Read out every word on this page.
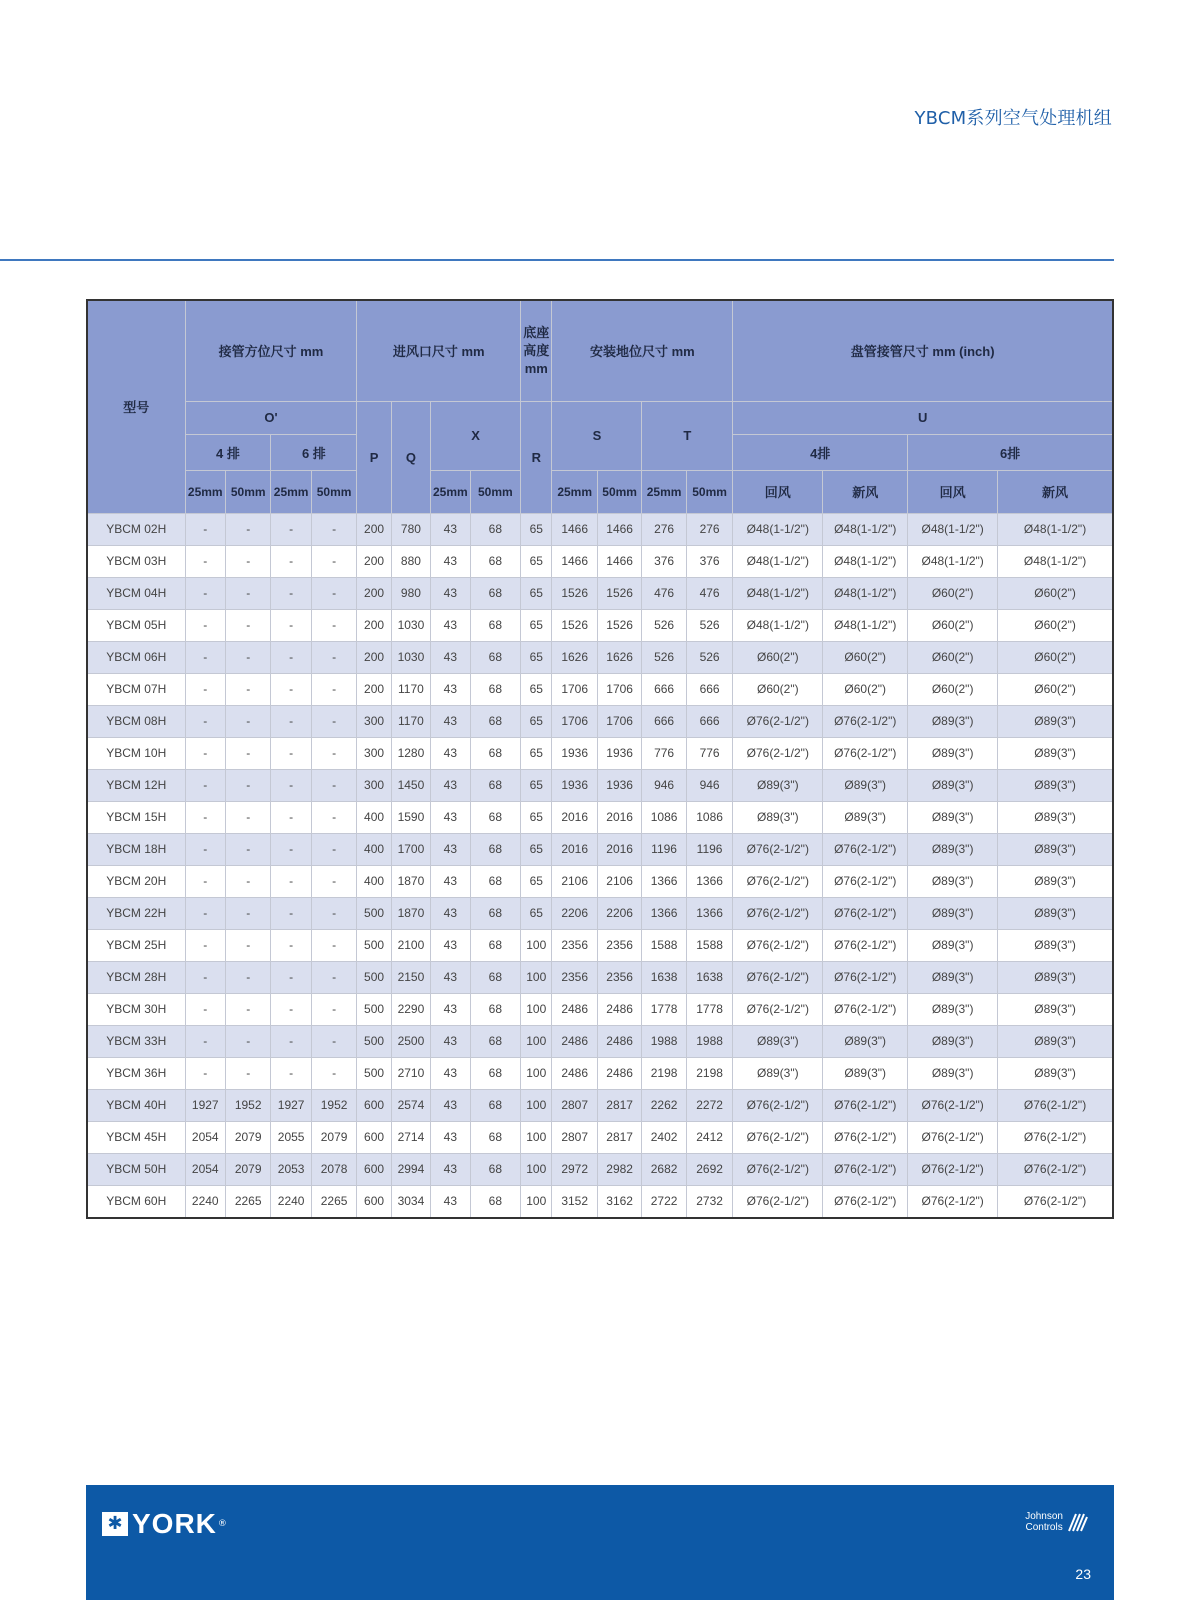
YBCM系列空气处理机组
型号	接管方位尺寸 mm				进风口尺寸 mm				底座高度mm	安装地位尺寸 mm				盘管接管尺寸 mm (inch)			
	O'				P	Q	X		R	S		T		U			
	4 排		6 排											4排		6排	
	25mm	50mm	25mm	50mm			25mm	50mm		25mm	50mm	25mm	50mm	回风	新风	回风	新风
YBCM 02H	-	-	-	-	200	780	43	68	65	1466	1466	276	276	Ø48(1-1/2")	Ø48(1-1/2")	Ø48(1-1/2")	Ø48(1-1/2")
YBCM 03H	-	-	-	-	200	880	43	68	65	1466	1466	376	376	Ø48(1-1/2")	Ø48(1-1/2")	Ø48(1-1/2")	Ø48(1-1/2")
YBCM 04H	-	-	-	-	200	980	43	68	65	1526	1526	476	476	Ø48(1-1/2")	Ø48(1-1/2")	Ø60(2")	Ø60(2")
YBCM 05H	-	-	-	-	200	1030	43	68	65	1526	1526	526	526	Ø48(1-1/2")	Ø48(1-1/2")	Ø60(2")	Ø60(2")
YBCM 06H	-	-	-	-	200	1030	43	68	65	1626	1626	526	526	Ø60(2")	Ø60(2")	Ø60(2")	Ø60(2")
YBCM 07H	-	-	-	-	200	1170	43	68	65	1706	1706	666	666	Ø60(2")	Ø60(2")	Ø60(2")	Ø60(2")
YBCM 08H	-	-	-	-	300	1170	43	68	65	1706	1706	666	666	Ø76(2-1/2")	Ø76(2-1/2")	Ø89(3")	Ø89(3")
YBCM 10H	-	-	-	-	300	1280	43	68	65	1936	1936	776	776	Ø76(2-1/2")	Ø76(2-1/2")	Ø89(3")	Ø89(3")
YBCM 12H	-	-	-	-	300	1450	43	68	65	1936	1936	946	946	Ø89(3")	Ø89(3")	Ø89(3")	Ø89(3")
YBCM 15H	-	-	-	-	400	1590	43	68	65	2016	2016	1086	1086	Ø89(3")	Ø89(3")	Ø89(3")	Ø89(3")
YBCM 18H	-	-	-	-	400	1700	43	68	65	2016	2016	1196	1196	Ø76(2-1/2")	Ø76(2-1/2")	Ø89(3")	Ø89(3")
YBCM 20H	-	-	-	-	400	1870	43	68	65	2106	2106	1366	1366	Ø76(2-1/2")	Ø76(2-1/2")	Ø89(3")	Ø89(3")
YBCM 22H	-	-	-	-	500	1870	43	68	65	2206	2206	1366	1366	Ø76(2-1/2")	Ø76(2-1/2")	Ø89(3")	Ø89(3")
YBCM 25H	-	-	-	-	500	2100	43	68	100	2356	2356	1588	1588	Ø76(2-1/2")	Ø76(2-1/2")	Ø89(3")	Ø89(3")
YBCM 28H	-	-	-	-	500	2150	43	68	100	2356	2356	1638	1638	Ø76(2-1/2")	Ø76(2-1/2")	Ø89(3")	Ø89(3")
YBCM 30H	-	-	-	-	500	2290	43	68	100	2486	2486	1778	1778	Ø76(2-1/2")	Ø76(2-1/2")	Ø89(3")	Ø89(3")
YBCM 33H	-	-	-	-	500	2500	43	68	100	2486	2486	1988	1988	Ø89(3")	Ø89(3")	Ø89(3")	Ø89(3")
YBCM 36H	-	-	-	-	500	2710	43	68	100	2486	2486	2198	2198	Ø89(3")	Ø89(3")	Ø89(3")	Ø89(3")
YBCM 40H	1927	1952	1927	1952	600	2574	43	68	100	2807	2817	2262	2272	Ø76(2-1/2")	Ø76(2-1/2")	Ø76(2-1/2")	Ø76(2-1/2")
YBCM 45H	2054	2079	2055	2079	600	2714	43	68	100	2807	2817	2402	2412	Ø76(2-1/2")	Ø76(2-1/2")	Ø76(2-1/2")	Ø76(2-1/2")
YBCM 50H	2054	2079	2053	2078	600	2994	43	68	100	2972	2982	2682	2692	Ø76(2-1/2")	Ø76(2-1/2")	Ø76(2-1/2")	Ø76(2-1/2")
YBCM 60H	2240	2265	2240	2265	600	3034	43	68	100	3152	3162	2722	2732	Ø76(2-1/2")	Ø76(2-1/2")	Ø76(2-1/2")	Ø76(2-1/2")
✱ YORK ®
Johnson
Controls
23
